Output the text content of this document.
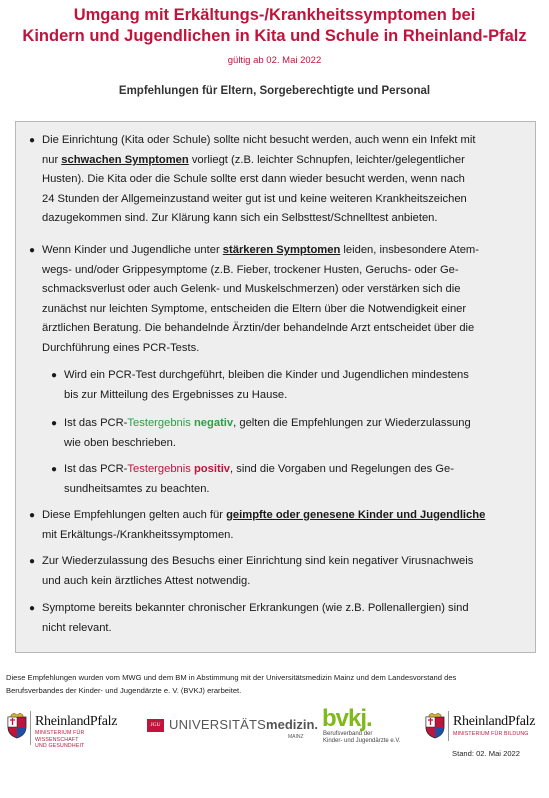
Umgang mit Erkältungs-/Krankheitssymptomen bei
Kindern und Jugendlichen in Kita und Schule in Rheinland-Pfalz
gültig ab 02. Mai 2022
Empfehlungen für Eltern, Sorgeberechtigte und Personal
● Die Einrichtung (Kita oder Schule) sollte nicht besucht werden, auch wenn ein Infekt mit
nur schwachen Symptomen vorliegt (z.B. leichter Schnupfen, leichter/gelegentlicher
Husten). Die Kita oder die Schule sollte erst dann wieder besucht werden, wenn nach
24 Stunden der Allgemeinzustand weiter gut ist und keine weiteren Krankheitszeichen
dazugekommen sind. Zur Klärung kann sich ein Selbsttest/Schnelltest anbieten.
● Wenn Kinder und Jugendliche unter stärkeren Symptomen leiden, insbesondere Atem-
wegs- und/oder Grippesymptome (z.B. Fieber, trockener Husten, Geruchs- oder Ge-
schmacksverlust oder auch Gelenk- und Muskelschmerzen) oder verstärken sich die
zunächst nur leichten Symptome, entscheiden die Eltern über die Notwendigkeit einer
ärztlichen Beratung. Die behandelnde Ärztin/der behandelnde Arzt entscheidet über die
Durchführung eines PCR-Tests.
● Wird ein PCR-Test durchgeführt, bleiben die Kinder und Jugendlichen mindestens
bis zur Mitteilung des Ergebnisses zu Hause.
● Ist das PCR-Testergebnis negativ, gelten die Empfehlungen zur Wiederzulassung
wie oben beschrieben.
● Ist das PCR-Testergebnis positiv, sind die Vorgaben und Regelungen des Ge-
sundheitsamtes zu beachten.
● Diese Empfehlungen gelten auch für geimpfte oder genesene Kinder und Jugendliche
mit Erkältungs-/Krankheitssymptomen.
● Zur Wiederzulassung des Besuchs einer Einrichtung sind kein negativer Virusnachweis
und auch kein ärztliches Attest notwendig.
● Symptome bereits bekannter chronischer Erkrankungen (wie z.B. Pollenallergien) sind
nicht relevant.
Diese Empfehlungen wurden vom MWG und dem BM in Abstimmung mit der Universitätsmedizin Mainz und dem Landesvorstand des
Berufsverbandes der Kinder- und Jugendärzte e. V. (BVKJ) erarbeitet.
RheinlandPfalz
MINISTERIUM FÜR
WISSENSCHAFT
UND GESUNDHEIT
JGU UNIVERSITÄTSmedizin.
MAINZ
bvkj.
Berufsverband der
Kinder- und Jugendärzte e.V.
RheinlandPfalz
MINISTERIUM FÜR BILDUNG
Stand: 02. Mai 2022
